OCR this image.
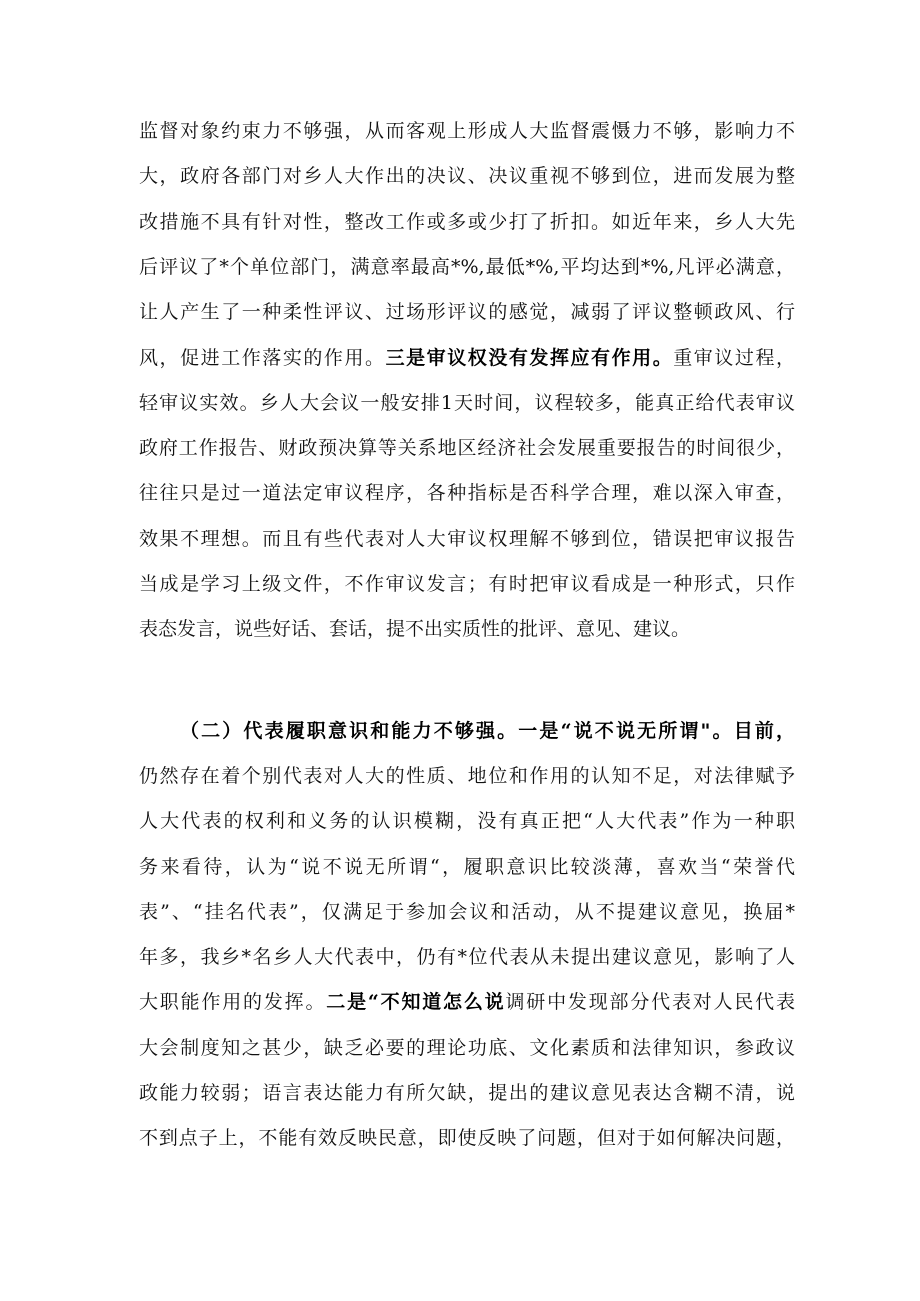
监督对象约束力不够强，从而客观上形成人大监督震慑力不够，影响力不
大，政府各部门对乡人大作出的决议、决议重视不够到位，进而发展为整
改措施不具有针对性，整改工作或多或少打了折扣。如近年来，乡人大先
后评议了*个单位部门，满意率最高*%,最低*%,平均达到*%,凡评必满意，
让人产生了一种柔性评议、过场形评议的感觉，减弱了评议整顿政风、行
风，促进工作落实的作用。三是审议权没有发挥应有作用。重审议过程，
轻审议实效。乡人大会议一般安排1天时间，议程较多，能真正给代表审议
政府工作报告、财政预决算等关系地区经济社会发展重要报告的时间很少，
往往只是过一道法定审议程序，各种指标是否科学合理，难以深入审查，
效果不理想。而且有些代表对人大审议权理解不够到位，错误把审议报告
当成是学习上级文件，不作审议发言；有时把审议看成是一种形式，只作
表态发言，说些好话、套话，提不出实质性的批评、意见、建议。
（二）代表履职意识和能力不够强。一是“说不说无所谓"。目前，
仍然存在着个别代表对人大的性质、地位和作用的认知不足，对法律赋予
人大代表的权利和义务的认识模糊，没有真正把“人大代表”作为一种职
务来看待，认为“说不说无所谓“，履职意识比较淡薄，喜欢当“荣誉代
表”、“挂名代表”，仅满足于参加会议和活动，从不提建议意见，换届*
年多，我乡*名乡人大代表中，仍有*位代表从未提出建议意见，影响了人
大职能作用的发挥。二是“不知道怎么说调研中发现部分代表对人民代表
大会制度知之甚少，缺乏必要的理论功底、文化素质和法律知识，参政议
政能力较弱；语言表达能力有所欠缺，提出的建议意见表达含糊不清，说
不到点子上，不能有效反映民意，即使反映了问题，但对于如何解决问题，
